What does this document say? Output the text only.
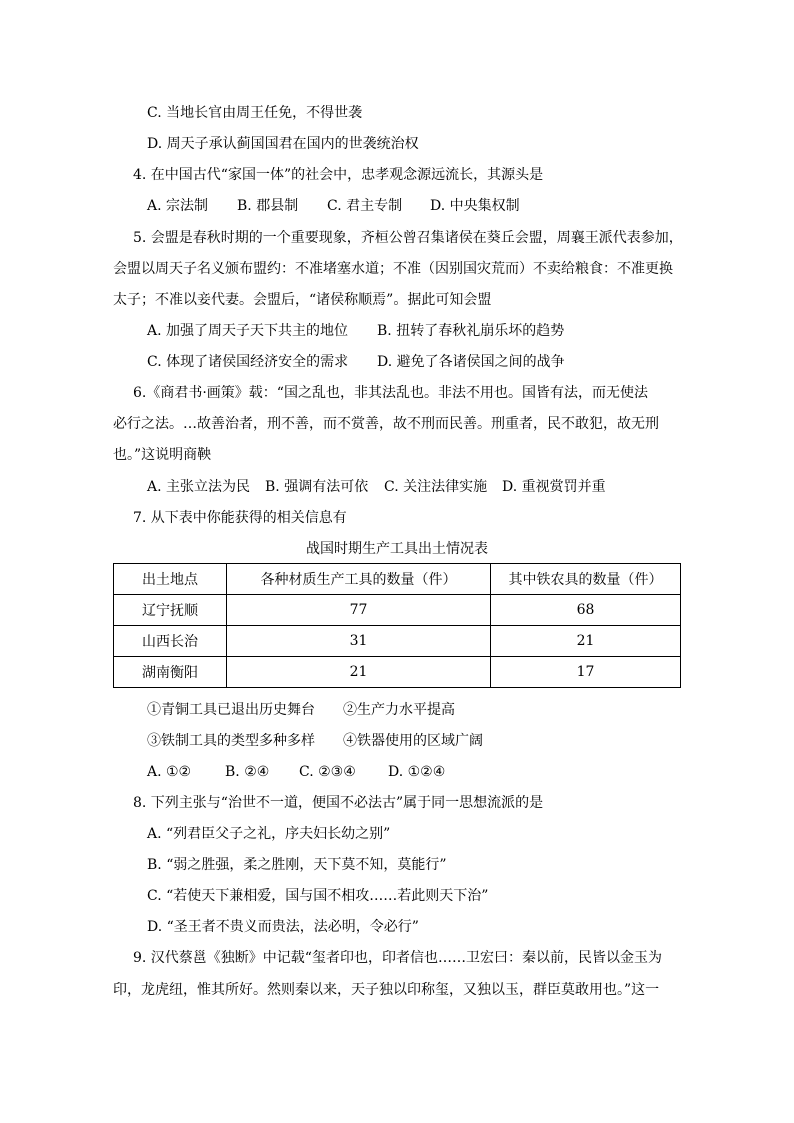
C. 当地长官由周王任免，不得世袭
D. 周天子承认蓟国国君在国内的世袭统治权
4. 在中国古代“家国一体”的社会中，忠孝观念源远流长，其源头是
A. 宗法制 B. 郡县制 C. 君主专制 D. 中央集权制
5. 会盟是春秋时期的一个重要现象，齐桓公曾召集诸侯在葵丘会盟，周襄王派代表参加，
会盟以周天子名义颁布盟约：不准堵塞水道；不准（因别国灾荒而）不卖给粮食：不准更换
太子；不准以妾代妻。会盟后，“诸侯称顺焉”。据此可知会盟
A. 加强了周天子天下共主的地位 B. 扭转了春秋礼崩乐坏的趋势
C. 体现了诸侯国经济安全的需求 D. 避免了各诸侯国之间的战争
6.《商君书·画策》载：“国之乱也，非其法乱也。非法不用也。国皆有法，而无使法
必行之法。…故善治者，刑不善，而不赏善，故不刑而民善。刑重者，民不敢犯，故无刑
也。”这说明商鞅
A. 主张立法为民 B. 强调有法可依 C. 关注法律实施 D. 重视赏罚并重
7. 从下表中你能获得的相关信息有
战国时期生产工具出土情况表
出土地点	各种材质生产工具的数量（件）	其中铁农具的数量（件）
辽宁抚顺	77	68
山西长治	31	21
湖南衡阳	21	17
①青铜工具已退出历史舞台 ②生产力水平提高
③铁制工具的类型多种多样 ④铁器使用的区域广阔
A. ①② B. ②④ C. ②③④ D. ①②④
8. 下列主张与“治世不一道，便国不必法古”属于同一思想流派的是
A. “列君臣父子之礼，序夫妇长幼之别”
B. “弱之胜强，柔之胜刚，天下莫不知，莫能行”
C. “若使天下兼相爱，国与国不相攻……若此则天下治”
D. “圣王者不贵义而贵法，法必明，令必行”
9. 汉代蔡邕《独断》中记载“玺者印也，印者信也……卫宏曰：秦以前，民皆以金玉为
印，龙虎纽，惟其所好。然则秦以来，天子独以印称玺，又独以玉，群臣莫敢用也。”这一
